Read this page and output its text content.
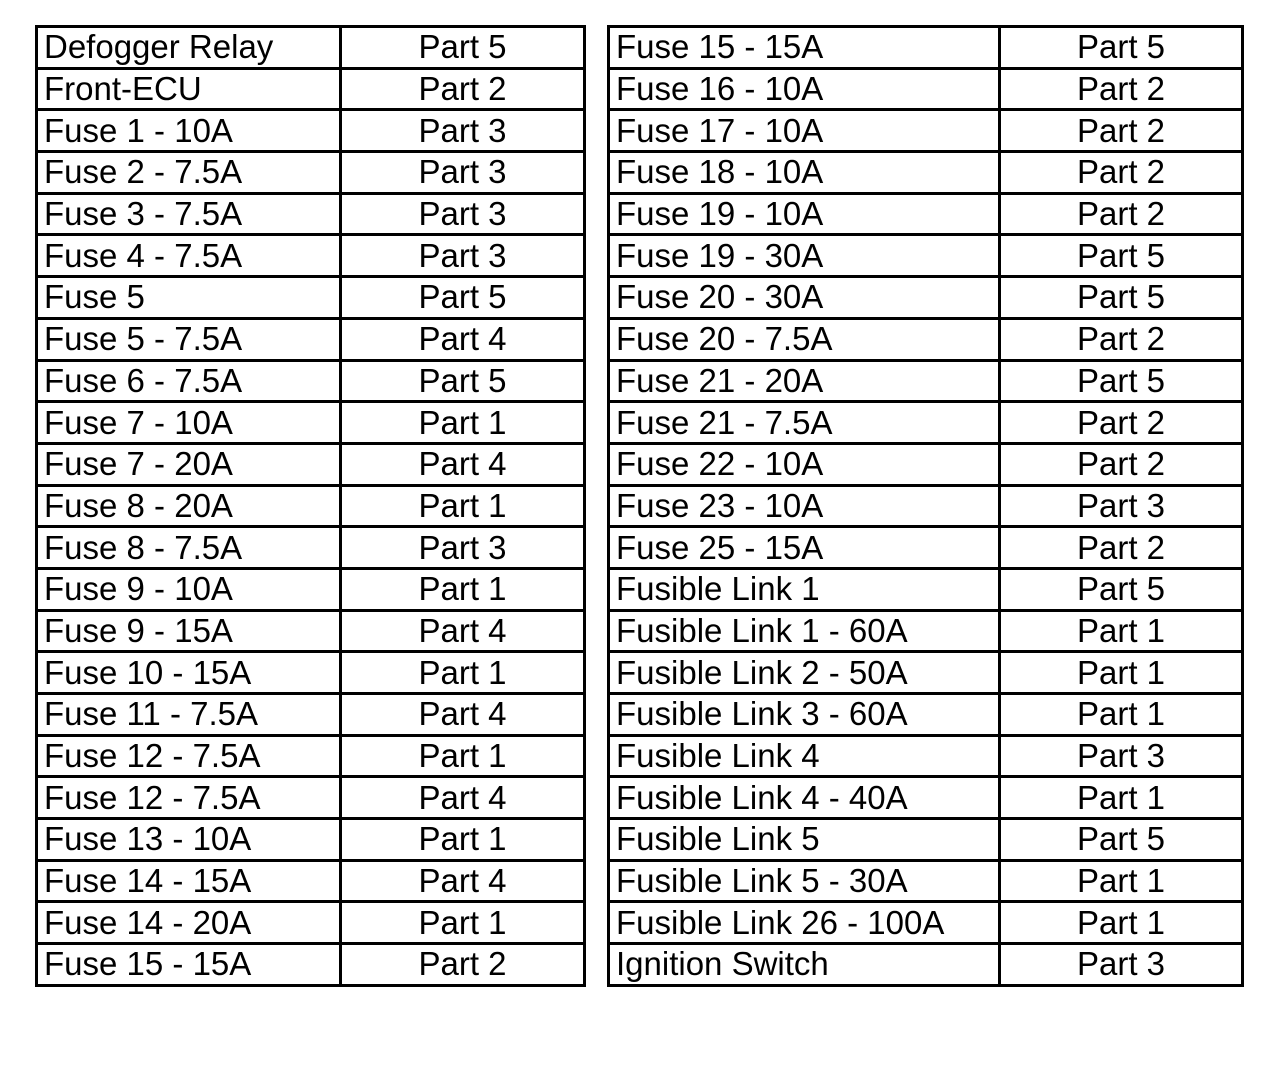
Defogger Relay	Part 5
Front-ECU	Part 2
Fuse 1 - 10A	Part 3
Fuse 2 - 7.5A	Part 3
Fuse 3 - 7.5A	Part 3
Fuse 4 - 7.5A	Part 3
Fuse 5	Part 5
Fuse 5 - 7.5A	Part 4
Fuse 6 - 7.5A	Part 5
Fuse 7 - 10A	Part 1
Fuse 7 - 20A	Part 4
Fuse 8 - 20A	Part 1
Fuse 8 - 7.5A	Part 3
Fuse 9 - 10A	Part 1
Fuse 9 - 15A	Part 4
Fuse 10 - 15A	Part 1
Fuse 11 - 7.5A	Part 4
Fuse 12 - 7.5A	Part 1
Fuse 12 - 7.5A	Part 4
Fuse 13 - 10A	Part 1
Fuse 14 - 15A	Part 4
Fuse 14 - 20A	Part 1
Fuse 15 - 15A	Part 2
Fuse 15 - 15A	Part 5
Fuse 16 - 10A	Part 2
Fuse 17 - 10A	Part 2
Fuse 18 - 10A	Part 2
Fuse 19 - 10A	Part 2
Fuse 19 - 30A	Part 5
Fuse 20 - 30A	Part 5
Fuse 20 - 7.5A	Part 2
Fuse 21 - 20A	Part 5
Fuse 21 - 7.5A	Part 2
Fuse 22 - 10A	Part 2
Fuse 23 - 10A	Part 3
Fuse 25 - 15A	Part 2
Fusible Link 1	Part 5
Fusible Link 1 - 60A	Part 1
Fusible Link 2 - 50A	Part 1
Fusible Link 3 - 60A	Part 1
Fusible Link 4	Part 3
Fusible Link 4 - 40A	Part 1
Fusible Link 5	Part 5
Fusible Link 5 - 30A	Part 1
Fusible Link 26 - 100A	Part 1
Ignition Switch	Part 3
